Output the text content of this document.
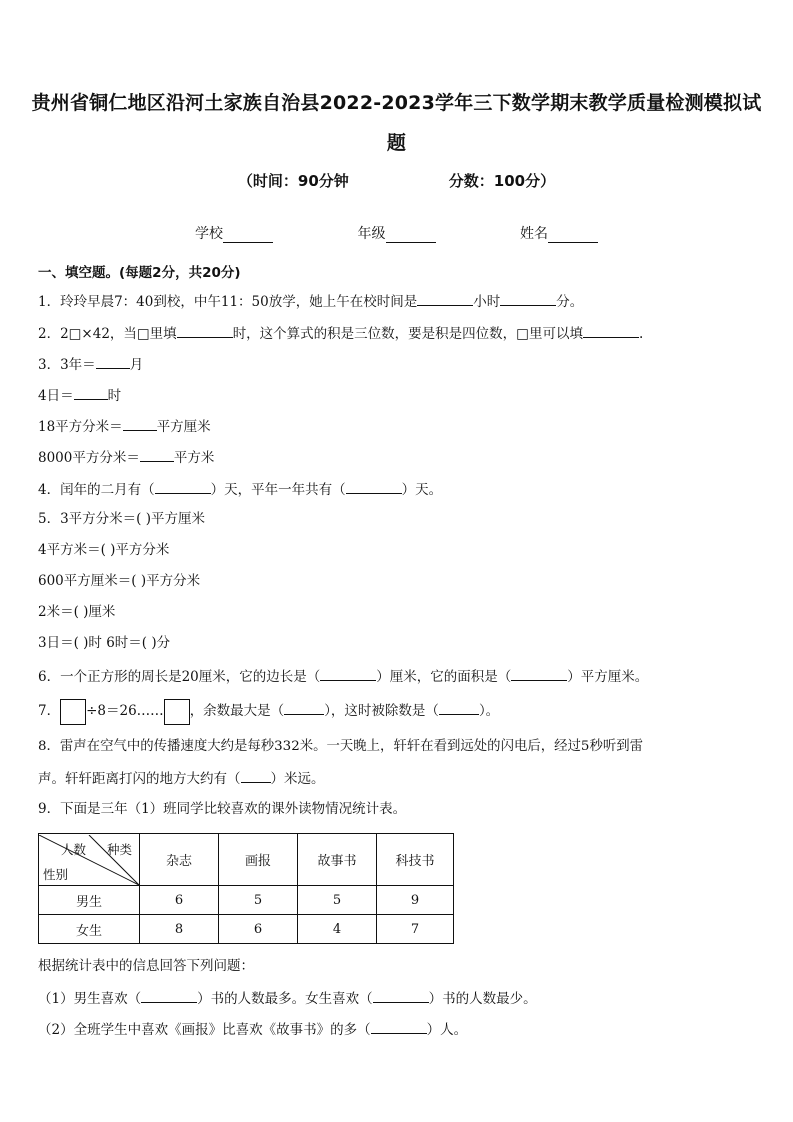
贵州省铜仁地区沿河土家族自治县2022-2023学年三下数学期末教学质量检测模拟试
题
（时间：90分钟	分数：100分）
学校	年级	姓名
一、填空题。(每题2分，共20分)
1．玲玲早晨7：40到校，中午11：50放学，她上午在校时间是	小时	分。
2．2□×42，当□里填	时，这个算式的积是三位数，要是积是四位数，□里可以填	.
3．3年＝	月
4日＝	时
18平方分米＝	平方厘米
8000平方分米＝	平方米
4．闰年的二月有（	）天，平年一年共有（	）天。
5．3平方分米＝( )平方厘米
4平方米＝( )平方分米
600平方厘米＝( )平方分米
2米＝( )厘米
3日＝( )时 6时＝( )分
6．一个正方形的周长是20厘米，它的边长是（	）厘米，它的面积是（	）平方厘米。
7． ÷8＝26…… ，余数最大是（	），这时被除数是（	）。
8．雷声在空气中的传播速度大约是每秒332米。一天晚上，轩轩在看到远处的闪电后，经过5秒听到雷
声。轩轩距离打闪的地方大约有（ ）米远。
9．下面是三年（1）班同学比较喜欢的课外读物情况统计表。
人数 种类
性别	杂志	画报	故事书	科技书
男生	6	5	5	9
女生	8	6	4	7
根据统计表中的信息回答下列问题：
（1）男生喜欢（	）书的人数最多。女生喜欢（	）书的人数最少。
（2）全班学生中喜欢《画报》比喜欢《故事书》的多（	）人。
